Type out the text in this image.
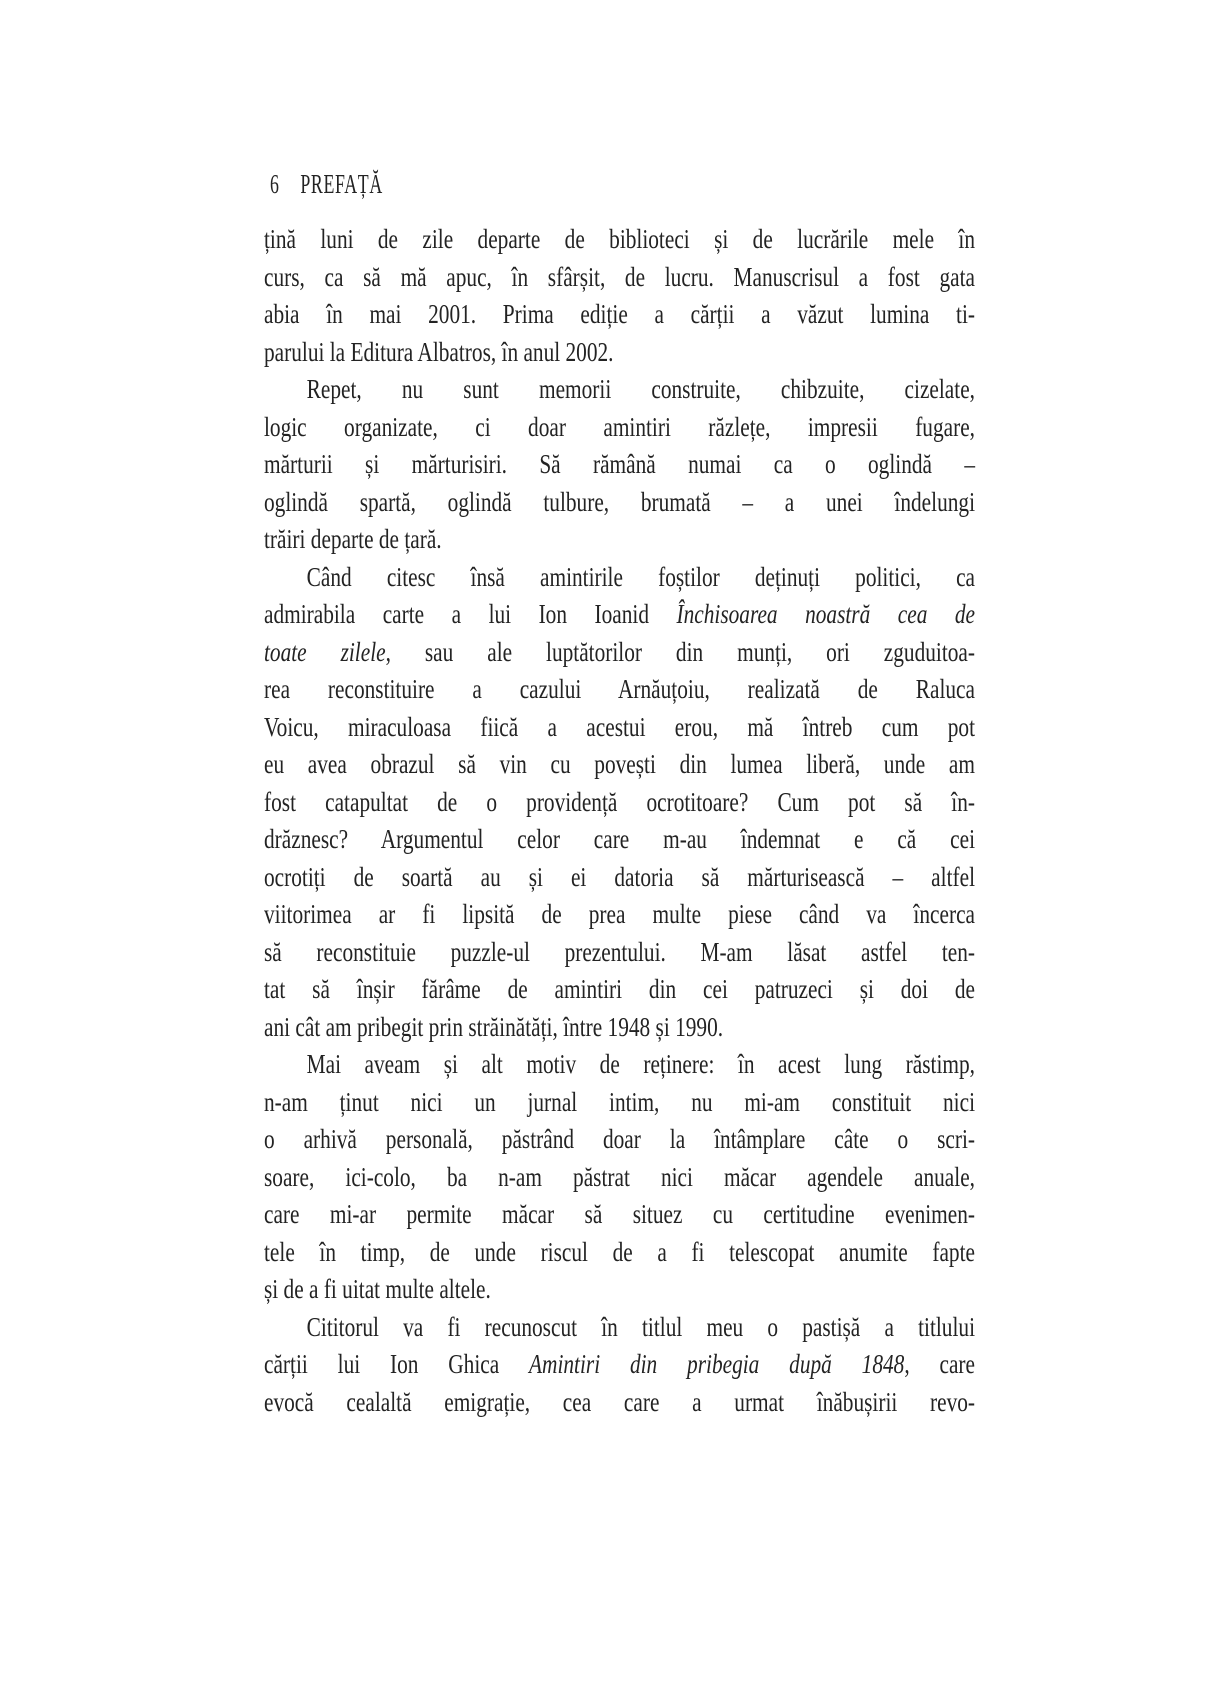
6 PREFAȚĂ
țină luni de zile departe de biblioteci și de lucrările mele în
curs, ca să mă apuc, în sfârșit, de lucru. Manuscrisul a fost gata
abia în mai 2001. Prima ediție a cărții a văzut lumina ti-
parului la Editura Albatros, în anul 2002.
Repet, nu sunt memorii construite, chibzuite, cizelate,
logic organizate, ci doar amintiri răzlețe, impresii fugare,
mărturii și mărturisiri. Să rămână numai ca o oglindă –
oglindă spartă, oglindă tulbure, brumată – a unei îndelungi
trăiri departe de țară.
Când citesc însă amintirile foștilor deținuți politici, ca
admirabila carte a lui Ion Ioanid Închisoarea noastră cea de
toate zilele, sau ale luptătorilor din munți, ori zguduitoa-
rea reconstituire a cazului Arnăuțoiu, realizată de Raluca
Voicu, miraculoasa fiică a acestui erou, mă întreb cum pot
eu avea obrazul să vin cu povești din lumea liberă, unde am
fost catapultat de o providență ocrotitoare? Cum pot să în-
drăznesc? Argumentul celor care m-au îndemnat e că cei
ocrotiți de soartă au și ei datoria să mărturisească – altfel
viitorimea ar fi lipsită de prea multe piese când va încerca
să reconstituie puzzle-ul prezentului. M-am lăsat astfel ten-
tat să înșir fărâme de amintiri din cei patruzeci și doi de
ani cât am pribegit prin străinătăți, între 1948 și 1990.
Mai aveam și alt motiv de reținere: în acest lung răstimp,
n-am ținut nici un jurnal intim, nu mi-am constituit nici
o arhivă personală, păstrând doar la întâmplare câte o scri-
soare, ici-colo, ba n-am păstrat nici măcar agendele anuale,
care mi-ar permite măcar să situez cu certitudine evenimen-
tele în timp, de unde riscul de a fi telescopat anumite fapte
și de a fi uitat multe altele.
Cititorul va fi recunoscut în titlul meu o pastișă a titlului
cărții lui Ion Ghica Amintiri din pribegia după 1848, care
evocă cealaltă emigrație, cea care a urmat înăbușirii revo-
